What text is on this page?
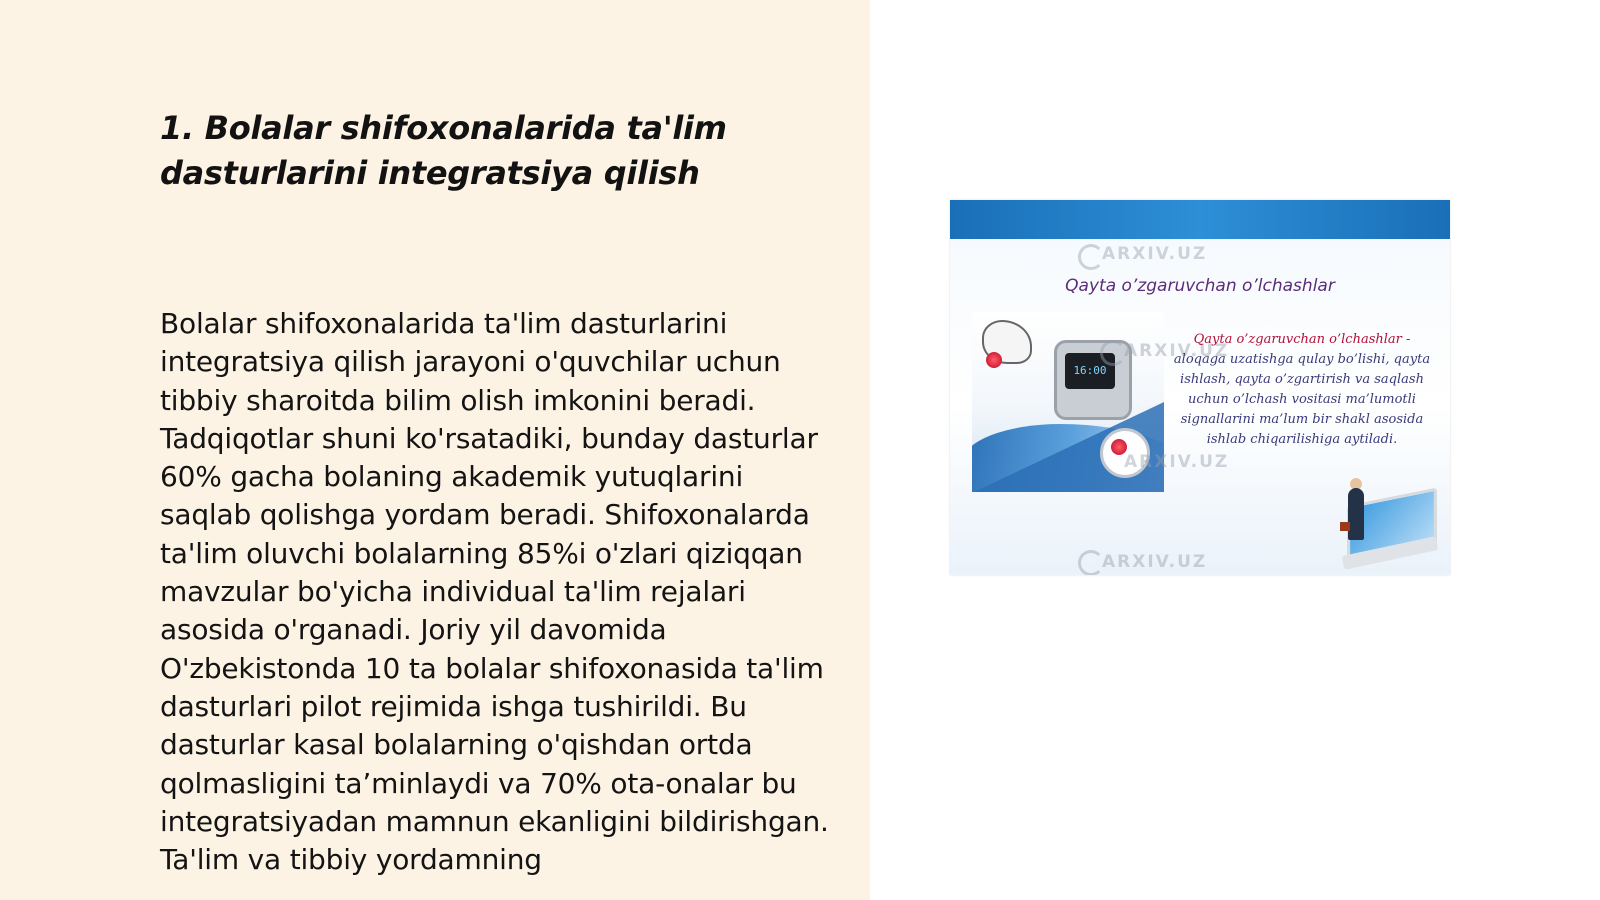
1. Bolalar shifoxonalarida ta'lim dasturlarini integratsiya qilish

Bolalar shifoxonalarida ta'lim dasturlarini integratsiya qilish jarayoni o'quvchilar uchun tibbiy sharoitda bilim olish imkonini beradi. Tadqiqotlar shuni ko'rsatadiki, bunday dasturlar 60% gacha bolaning akademik yutuqlarini saqlab qolishga yordam beradi. Shifoxonalarda ta'lim oluvchi bolalarning 85%i o'zlari qiziqqan mavzular bo'yicha individual ta'lim rejalari asosida o'rganadi. Joriy yil davomida O'zbekistonda 10 ta bolalar shifoxonasida ta'lim dasturlari pilot rejimida ishga tushirildi. Bu dasturlar kasal bolalarning o'qishdan ortda qolmasligini ta’minlaydi va 70% ota-onalar bu integratsiyadan mamnun ekanligini bildirishgan. Ta'lim va tibbiy yordamning

ARXIV.UZ
Qayta o’zgaruvchan o’lchashlar
16:00
ARXIV.UZ
Qayta o’zgaruvchan o’lchashlar - aloqaga uzatishga qulay bo’lishi, qayta ishlash, qayta o’zgartirish va saqlash uchun o’lchash vositasi ma’lumotli signallarini ma’lum bir shakl asosida ishlab chiqarilishiga aytiladi.
ARXIV.UZ
ARXIV.UZ
